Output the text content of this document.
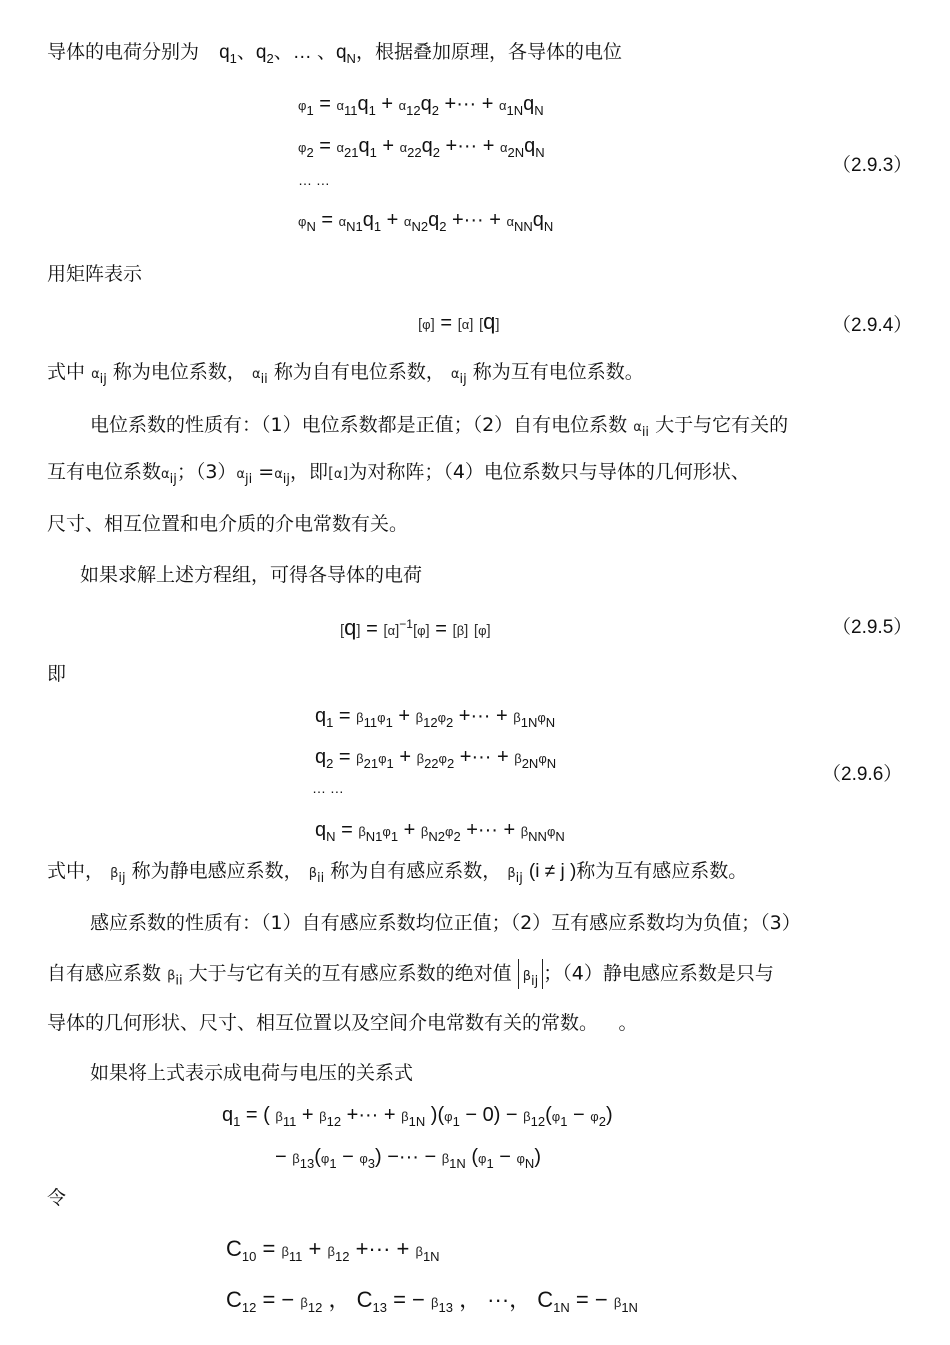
导体的电荷分别为 $q_1$、$q_2$、… 、$q_N$，根据叠加原理，各导体的电位
$\varphi_1 = \alpha_{11}q_1 + \alpha_{12}q_2$ +··· + $\alpha_{1N}q_N$
$\varphi_2 = \alpha_{21}q_1 + \alpha_{22}q_2$ +··· + $\alpha_{2N}q_N$
… …
$\varphi_N = \alpha_{N1}q_1 + \alpha_{N2}q_2$ +··· + $\alpha_{NN}q_N$
（2.9.3）
用矩阵表示
[φ] = [α] [q]	（2.9.4）
式中 $\alpha_{ij}$ 称为电位系数， $\alpha_{ii}$ 称为自有电位系数， $\alpha_{ij}$ 称为互有电位系数。
电位系数的性质有：（1）电位系数都是正值；（2）自有电位系数 $\alpha_{ii}$ 大于与它有关的
互有电位系数$\alpha_{ij}$；$(3)\alpha_{ji} =\alpha_{ij}$，即[α]为对称阵；（4）电位系数只与导体的几何形状、
尺寸、相互位置和电介质的介电常数有关。
如果求解上述方程组，可得各导体的电荷
$[q] = [\alpha]^{-1}[\varphi] = [\beta]$ [φ]	（2.9.5）
即
$q_1 = \beta_{11}\varphi_1 + \beta_{12}\varphi_2$ +··· + $\beta_{1N}\varphi_N$
$q_2 = \beta_{21}\varphi_1 + \beta_{22}\varphi_2$ +··· + $\beta_{2N}\varphi_N$
… …
$q_N = \beta_{N1}\varphi_1 + \beta_{N2}\varphi_2$ +··· + $\beta_{NN}\varphi_N$
（2.9.6）
式中， $\beta_{ij}$ 称为静电感应系数， $\beta_{ii}$ 称为自有感应系数， $\beta_{ij}$ (i ≠ j )称为互有感应系数。
感应系数的性质有：（1）自有感应系数均位正值；（2）互有感应系数均为负值；（3）
自有感应系数 $\beta_{ii}$ 大于与它有关的互有感应系数的绝对值 $\beta_{ij}$ ；（4）静电感应系数是只与
导体的几何形状、尺寸、相互位置以及空间介电常数有关的常数。 。
如果将上式表示成电荷与电压的关系式
$q_1$ = ( $\beta_{11} + \beta_{12}$ +··· + $\beta_{1N}$ )$(\varphi_1 - 0) - \beta_{12}(\varphi_1 - \varphi_2)$
− $\beta_{13}(\varphi_1 - \varphi_3)$ −··· − $\beta_{1N}$ $(\varphi_1 - \varphi_N)$
令
$C_{10} = \beta_{11} + \beta_{12}$ +··· + $\beta_{1N}$
$C_{12}$ = − $\beta_{12}$ ， $C_{13}$ = − $\beta_{13}$ ， ···， $C_{1N}$ = − $\beta_{1N}$
